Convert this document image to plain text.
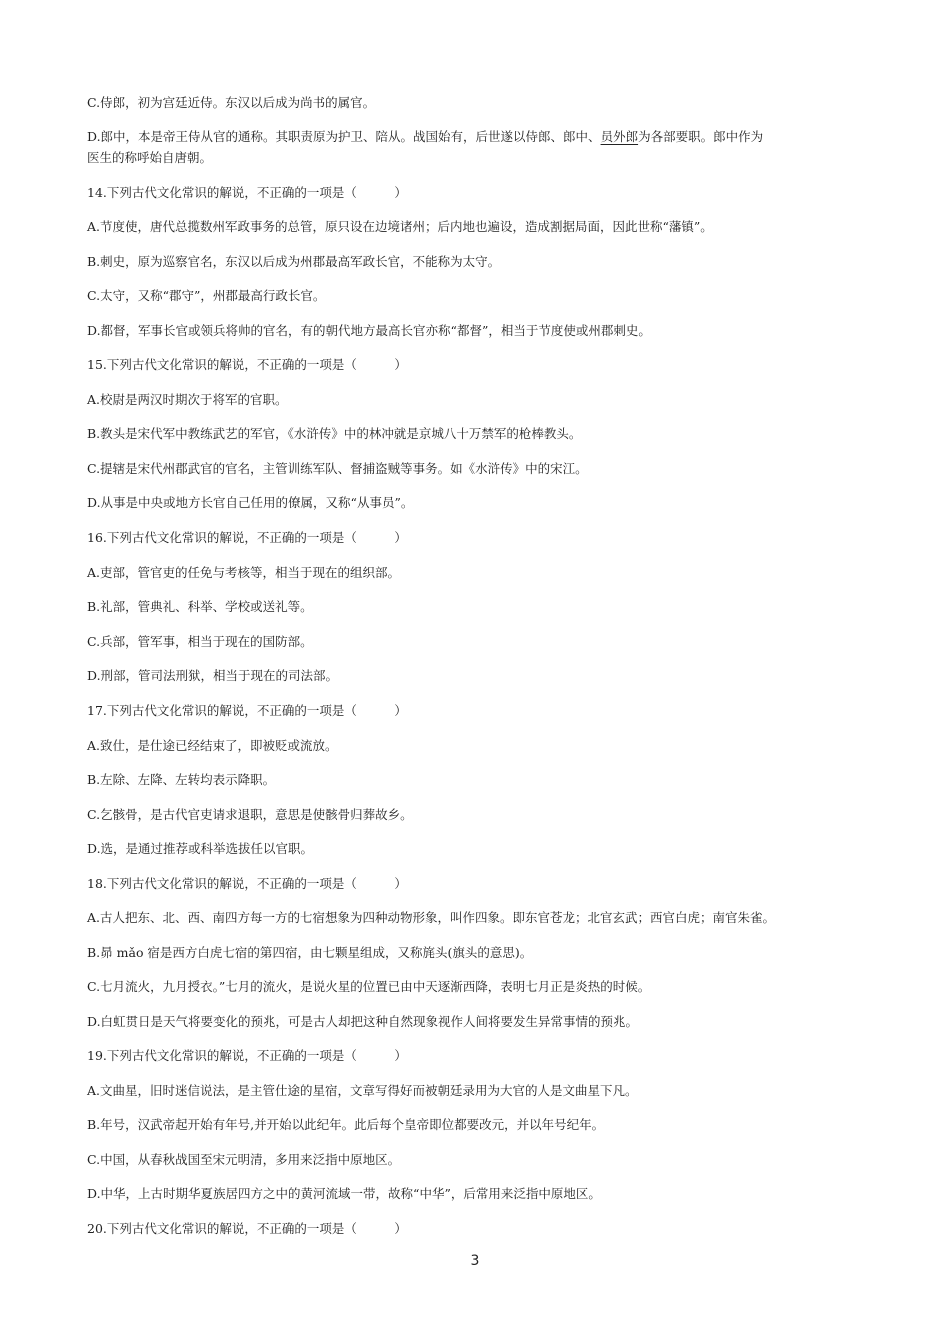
C.侍郎，初为宫廷近侍。东汉以后成为尚书的属官。
D.郎中，本是帝王侍从官的通称。其职责原为护卫、陪从。战国始有，后世遂以侍郎、郎中、员外郎为各部要职。郎中作为
医生的称呼始自唐朝。
14.下列古代文化常识的解说，不正确的一项是（　　　）
A.节度使，唐代总揽数州军政事务的总管，原只设在边境诸州；后内地也遍设，造成割据局面，因此世称“藩镇”。
B.刺史，原为巡察官名，东汉以后成为州郡最高军政长官，不能称为太守。
C.太守，又称“郡守”，州郡最高行政长官。
D.都督，军事长官或领兵将帅的官名，有的朝代地方最高长官亦称“都督”，相当于节度使或州郡刺史。
15.下列古代文化常识的解说，不正确的一项是（　　　）
A.校尉是两汉时期次于将军的官职。
B.教头是宋代军中教练武艺的军官，《水浒传》中的林冲就是京城八十万禁军的枪棒教头。
C.提辖是宋代州郡武官的官名，主管训练军队、督捕盗贼等事务。如《水浒传》中的宋江。
D.从事是中央或地方长官自己任用的僚属，又称“从事员”。
16.下列古代文化常识的解说，不正确的一项是（　　　）
A.吏部，管官吏的任免与考核等，相当于现在的组织部。
B.礼部，管典礼、科举、学校或送礼等。
C.兵部，管军事，相当于现在的国防部。
D.刑部，管司法刑狱，相当于现在的司法部。
17.下列古代文化常识的解说，不正确的一项是（　　　）
A.致仕，是仕途已经结束了，即被贬或流放。
B.左除、左降、左转均表示降职。
C.乞骸骨，是古代官吏请求退职，意思是使骸骨归葬故乡。
D.选，是通过推荐或科举选拔任以官职。
18.下列古代文化常识的解说，不正确的一项是（　　　）
A.古人把东、北、西、南四方每一方的七宿想象为四种动物形象，叫作四象。即东官苍龙；北官玄武；西官白虎；南官朱雀。
B.昴 mǎo 宿是西方白虎七宿的第四宿，由七颗星组成，又称旄头(旗头的意思)。
C.七月流火，九月授衣。”七月的流火，是说火星的位置已由中天逐渐西降，表明七月正是炎热的时候。
D.白虹贯日是天气将要变化的预兆，可是古人却把这种自然现象视作人间将要发生异常事情的预兆。
19.下列古代文化常识的解说，不正确的一项是（　　　）
A.文曲星，旧时迷信说法，是主管仕途的星宿，文章写得好而被朝廷录用为大官的人是文曲星下凡。
B.年号，汉武帝起开始有年号,并开始以此纪年。此后每个皇帝即位都要改元，并以年号纪年。
C.中国，从春秋战国至宋元明清，多用来泛指中原地区。
D.中华，上古时期华夏族居四方之中的黄河流域一带，故称“中华”，后常用来泛指中原地区。
20.下列古代文化常识的解说，不正确的一项是（　　　）
3
